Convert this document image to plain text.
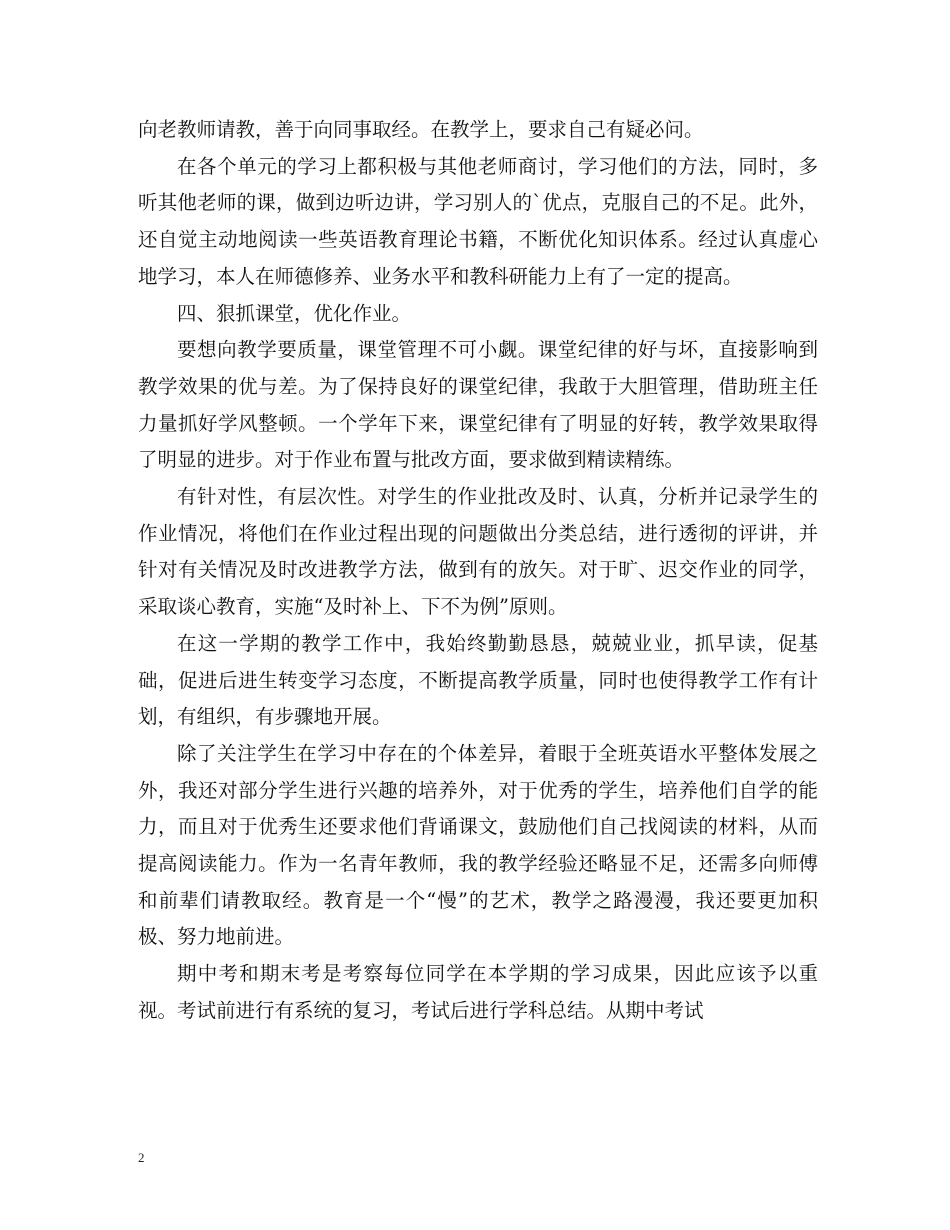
向老教师请教，善于向同事取经。在教学上，要求自己有疑必问。

在各个单元的学习上都积极与其他老师商讨，学习他们的方法，同时，多听其他老师的课，做到边听边讲，学习别人的`优点，克服自己的不足。此外，还自觉主动地阅读一些英语教育理论书籍，不断优化知识体系。经过认真虚心地学习，本人在师德修养、业务水平和教科研能力上有了一定的提高。

四、狠抓课堂，优化作业。

要想向教学要质量，课堂管理不可小觑。课堂纪律的好与坏，直接影响到教学效果的优与差。为了保持良好的课堂纪律，我敢于大胆管理，借助班主任力量抓好学风整顿。一个学年下来，课堂纪律有了明显的好转，教学效果取得了明显的进步。对于作业布置与批改方面，要求做到精读精练。

有针对性，有层次性。对学生的作业批改及时、认真，分析并记录学生的作业情况，将他们在作业过程出现的问题做出分类总结，进行透彻的评讲，并针对有关情况及时改进教学方法，做到有的放矢。对于旷、迟交作业的同学，采取谈心教育，实施“及时补上、下不为例”原则。

在这一学期的教学工作中，我始终勤勤恳恳，兢兢业业，抓早读，促基础，促进后进生转变学习态度，不断提高教学质量，同时也使得教学工作有计划，有组织，有步骤地开展。

除了关注学生在学习中存在的个体差异，着眼于全班英语水平整体发展之外，我还对部分学生进行兴趣的培养外，对于优秀的学生，培养他们自学的能力，而且对于优秀生还要求他们背诵课文，鼓励他们自己找阅读的材料，从而提高阅读能力。作为一名青年教师，我的教学经验还略显不足，还需多向师傅和前辈们请教取经。教育是一个“慢”的艺术，教学之路漫漫，我还要更加积极、努力地前进。

期中考和期末考是考察每位同学在本学期的学习成果，因此应该予以重视。考试前进行有系统的复习，考试后进行学科总结。从期中考试

2
